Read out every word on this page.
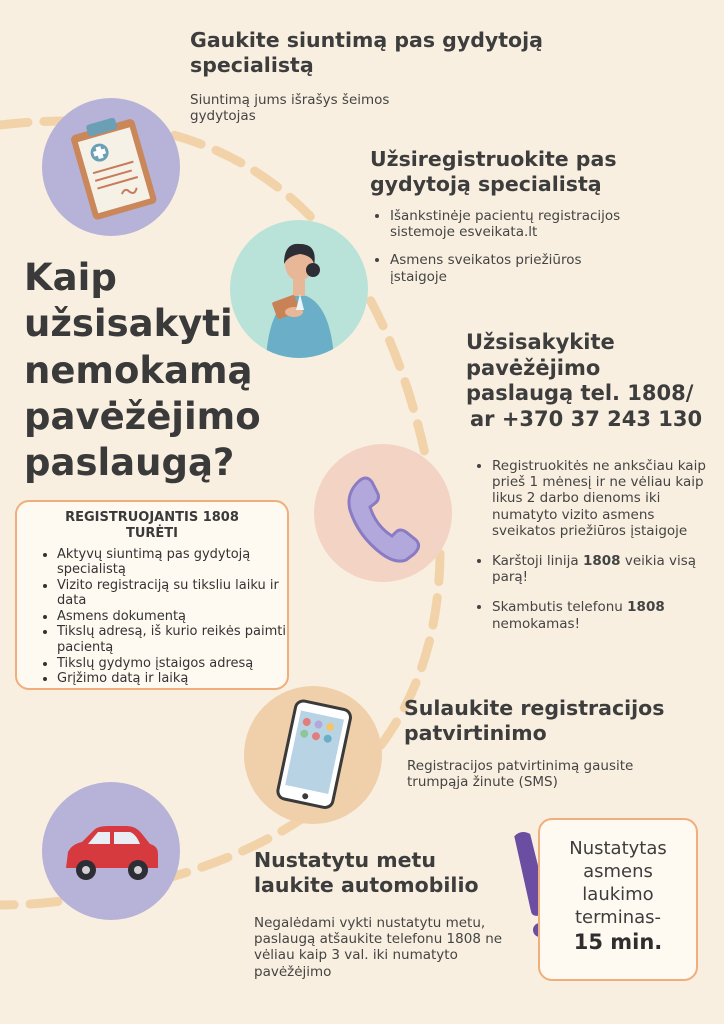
Gaukite siuntimą pas gydytoją specialistą
Siuntimą jums išrašys šeimos gydytojas
Užsiregistruokite pas gydytoją specialistą
• Išankstinėje pacientų registracijos sistemoje esveikata.lt
• Asmens sveikatos priežiūros įstaigoje
Kaip užsisakyti nemokamą pavėžėjimo paslaugą?
Užsisakykite
pavėžėjimo
paslaugą tel. 1808/
ar +370 37 243 130
• Registruokitės ne anksčiau kaip prieš 1 mėnesį ir ne vėliau kaip likus 2 darbo dienoms iki numatyto vizito asmens sveikatos priežiūros įstaigoje
• Karštoji linija 1808 veikia visą parą!
• Skambutis telefonu 1808 nemokamas!
REGISTRUOJANTIS 1808 TURĖTI
• Aktyvų siuntimą pas gydytoją specialistą
• Vizito registraciją su tiksliu laiku ir data
• Asmens dokumentą
• Tikslų adresą, iš kurio reikės paimti pacientą
• Tikslų gydymo įstaigos adresą
• Grįžimo datą ir laiką
Sulaukite registracijos patvirtinimo
Registracijos patvirtinimą gausite trumpąja žinute (SMS)
Nustatytu metu laukite automobilio
Negalėdami vykti nustatytu metu, paslaugą atšaukite telefonu 1808 ne vėliau kaip 3 val. iki numatyto pavėžėjimo
Nustatytas
asmens
laukimo
terminas-
15 min.
